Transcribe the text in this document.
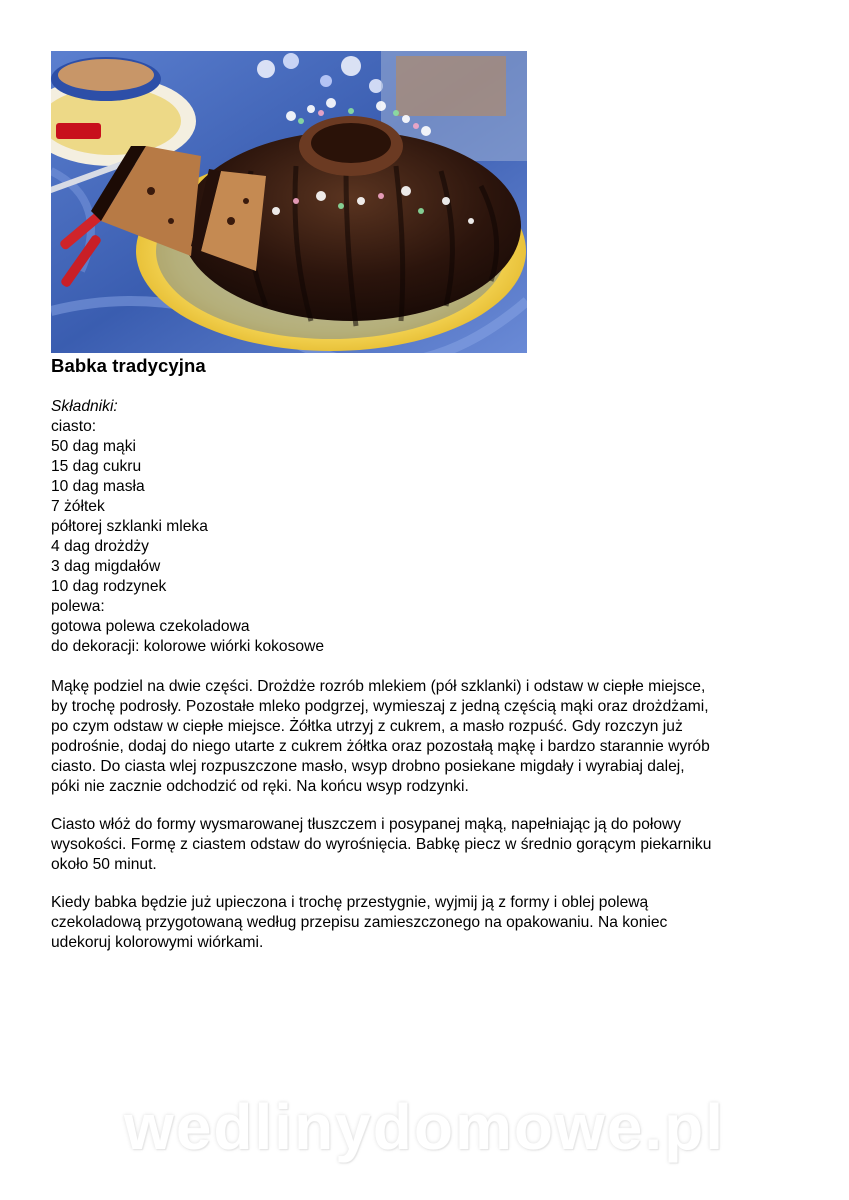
Babka tradycyjna
Składniki:
ciasto:
50 dag mąki
15 dag cukru
10 dag masła
7 żółtek
półtorej szklanki mleka
4 dag drożdży
3 dag migdałów
10 dag rodzynek
polewa:
gotowa polewa czekoladowa
do dekoracji: kolorowe wiórki kokosowe
Mąkę podziel na dwie części. Drożdże rozrób mlekiem (pół szklanki) i odstaw w ciepłe miejsce,
by trochę podrosły. Pozostałe mleko podgrzej, wymieszaj z jedną częścią mąki oraz drożdżami,
po czym odstaw w ciepłe miejsce. Żółtka utrzyj z cukrem, a masło rozpuść. Gdy rozczyn już
podrośnie, dodaj do niego utarte z cukrem żółtka oraz pozostałą mąkę i bardzo starannie wyrób
ciasto. Do ciasta wlej rozpuszczone masło, wsyp drobno posiekane migdały i wyrabiaj dalej,
póki nie zacznie odchodzić od ręki. Na końcu wsyp rodzynki.
Ciasto włóż do formy wysmarowanej tłuszczem i posypanej mąką, napełniając ją do połowy
wysokości. Formę z ciastem odstaw do wyrośnięcia. Babkę piecz w średnio gorącym piekarniku
około 50 minut.
Kiedy babka będzie już upieczona i trochę przestygnie, wyjmij ją z formy i oblej polewą
czekoladową przygotowaną według przepisu zamieszczonego na opakowaniu. Na koniec
udekoruj kolorowymi wiórkami.
wedlinydomowe.pl
